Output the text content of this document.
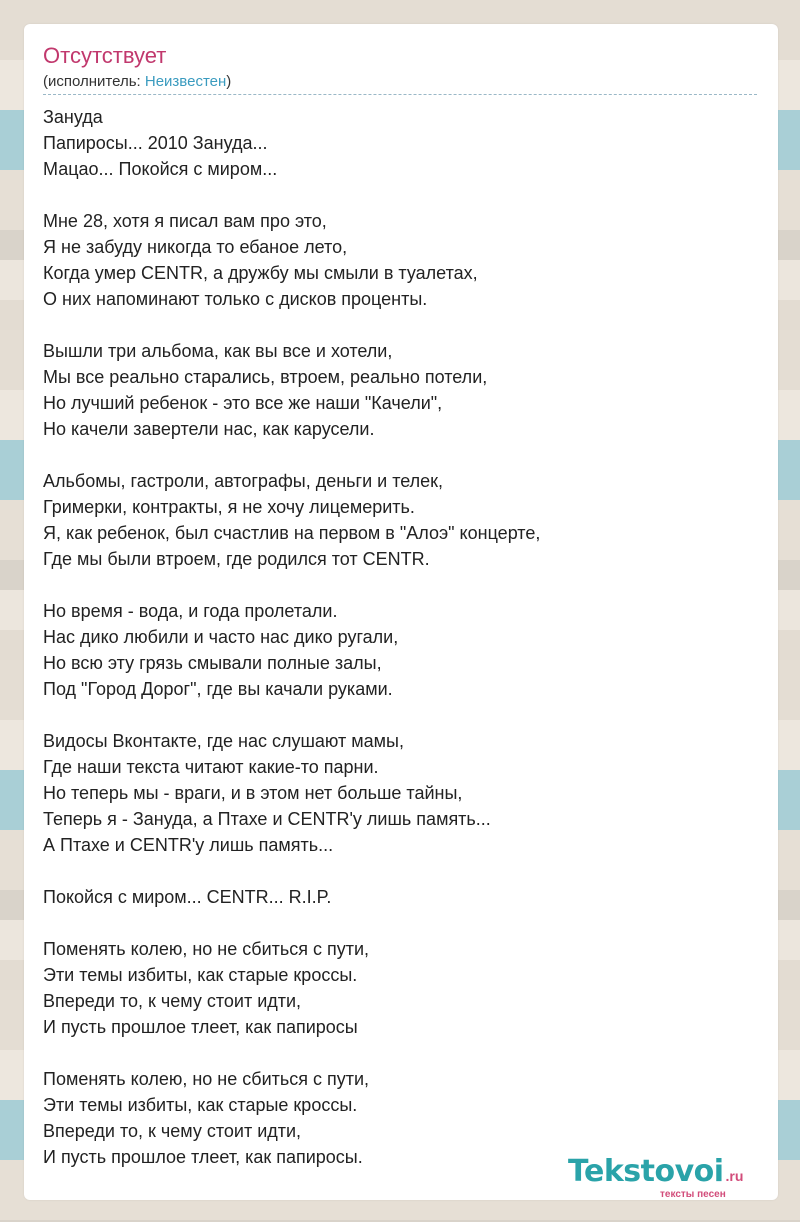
Отсутствует
(исполнитель: Неизвестен)
Зануда
Папиросы... 2010 Зануда...
Мацао... Покойся с миром...
Мне 28, хотя я писал вам про это,
Я не забуду никогда то ебаное лето,
Когда умер CENTR, а дружбу мы смыли в туалетах,
О них напоминают только с дисков проценты.
Вышли три альбома, как вы все и хотели,
Мы все реально старались, втроем, реально потели,
Но лучший ребенок - это все же наши "Качели",
Но качели завертели нас, как карусели.
Альбомы, гастроли, автографы, деньги и телек,
Гримерки, контракты, я не хочу лицемерить.
Я, как ребенок, был счастлив на первом в "Алоэ" концерте,
Где мы были втроем, где родился тот CENTR.
Но время - вода, и года пролетали.
Нас дико любили и часто нас дико ругали,
Но всю эту грязь смывали полные залы,
Под "Город Дорог", где вы качали руками.
Видосы Вконтакте, где нас слушают мамы,
Где наши текста читают какие-то парни.
Но теперь мы - враги, и в этом нет больше тайны,
Теперь я - Зануда, а Птахе и CENTR'у лишь память...
А Птахе и CENTR'у лишь память...
Покойся с миром... CENTR... R.I.P.
Поменять колею, но не сбиться с пути,
Эти темы избиты, как старые кроссы.
Впереди то, к чему стоит идти,
И пусть прошлое тлеет, как папиросы
Поменять колею, но не сбиться с пути,
Эти темы избиты, как старые кроссы.
Впереди то, к чему стоит идти,
И пусть прошлое тлеет, как папиросы.	Tekstovoi .ru
тексты песен
